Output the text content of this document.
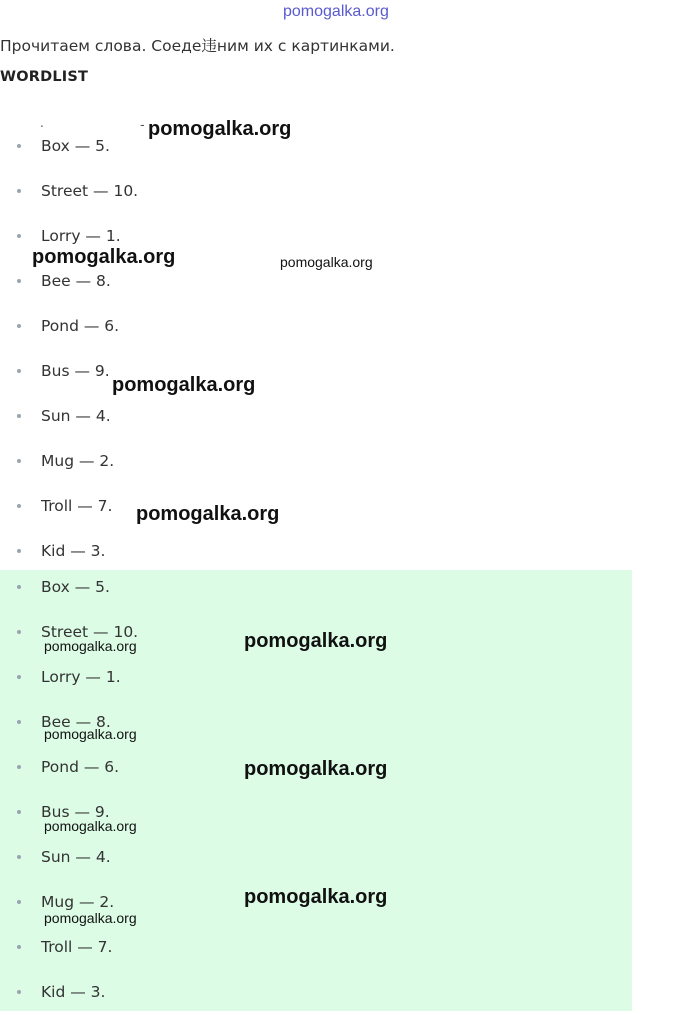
pomogalka.org
Прочитаем слова. Соеде违ним их с картинками.
WORDLIST
.	-
Box — 5.
Street — 10.
Lorry — 1.
Bee — 8.
Pond — 6.
Bus — 9.
Sun — 4.
Mug — 2.
Troll — 7.
Kid — 3.
Box — 5.
Street — 10.
Lorry — 1.
Bee — 8.
Pond — 6.
Bus — 9.
Sun — 4.
Mug — 2.
Troll — 7.
Kid — 3.
pomogalka.org
pomogalka.org	pomogalka.org
pomogalka.org
pomogalka.org
pomogalka.org
pomogalka.org
pomogalka.org
pomogalka.org
pomogalka.org
pomogalka.org
pomogalka.org
